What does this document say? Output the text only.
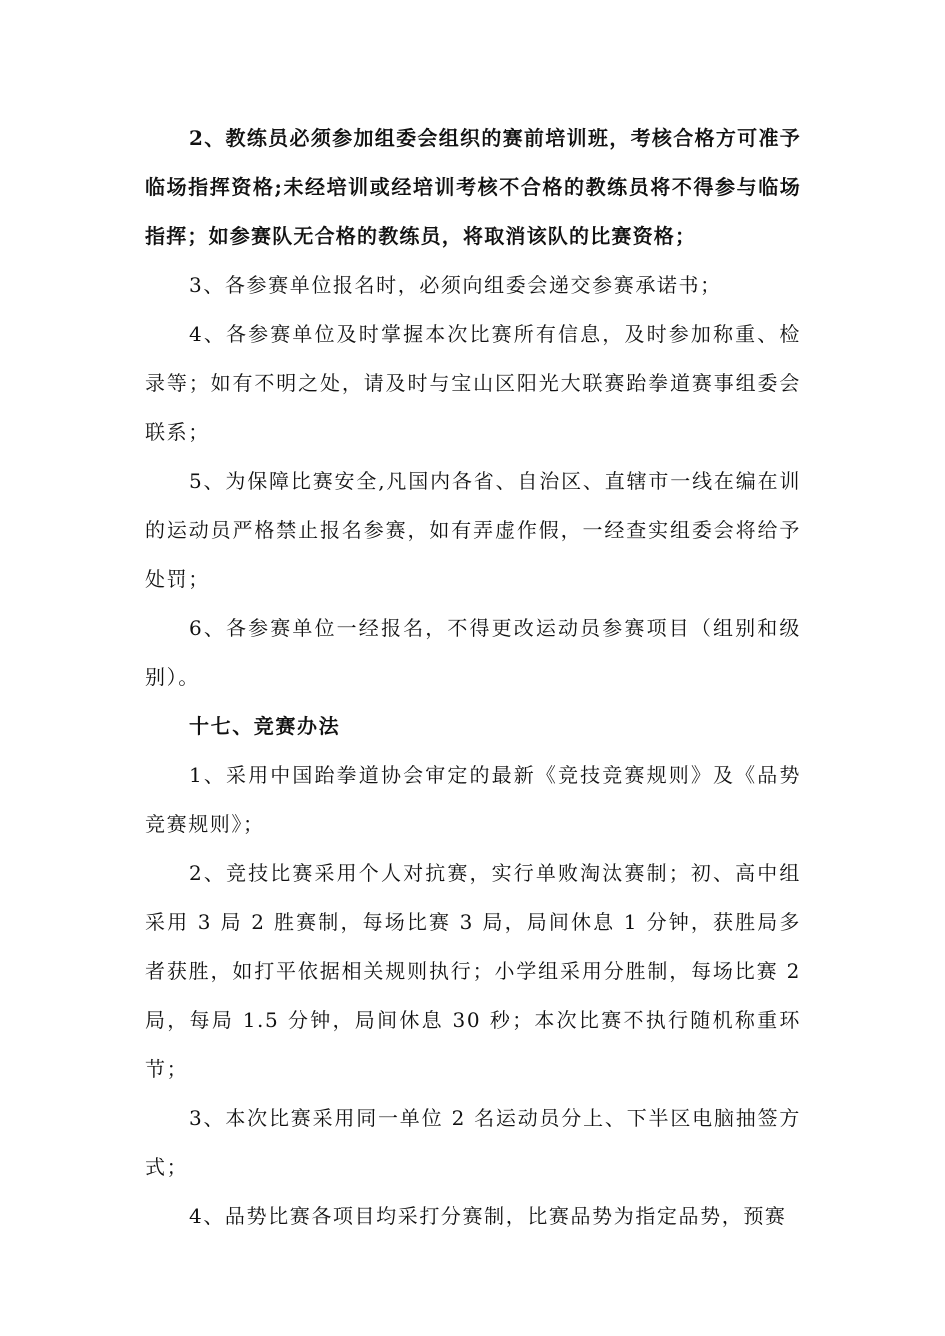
2、教练员必须参加组委会组织的赛前培训班，考核合格方可准予临场指挥资格;未经培训或经培训考核不合格的教练员将不得参与临场指挥；如参赛队无合格的教练员，将取消该队的比赛资格；

3、各参赛单位报名时，必须向组委会递交参赛承诺书；

4、各参赛单位及时掌握本次比赛所有信息，及时参加称重、检录等；如有不明之处，请及时与宝山区阳光大联赛跆拳道赛事组委会联系；

5、为保障比赛安全,凡国内各省、自治区、直辖市一线在编在训的运动员严格禁止报名参赛，如有弄虚作假，一经查实组委会将给予处罚；

6、各参赛单位一经报名，不得更改运动员参赛项目（组别和级别）。

十七、竞赛办法

1、采用中国跆拳道协会审定的最新《竞技竞赛规则》及《品势竞赛规则》；

2、竞技比赛采用个人对抗赛，实行单败淘汰赛制；初、高中组采用 3 局 2 胜赛制，每场比赛 3 局，局间休息 1 分钟，获胜局多者获胜，如打平依据相关规则执行；小学组采用分胜制，每场比赛 2 局，每局 1.5 分钟，局间休息 30 秒；本次比赛不执行随机称重环节；

3、本次比赛采用同一单位 2 名运动员分上、下半区电脑抽签方式；

4、品势比赛各项目均采打分赛制，比赛品势为指定品势，预赛
